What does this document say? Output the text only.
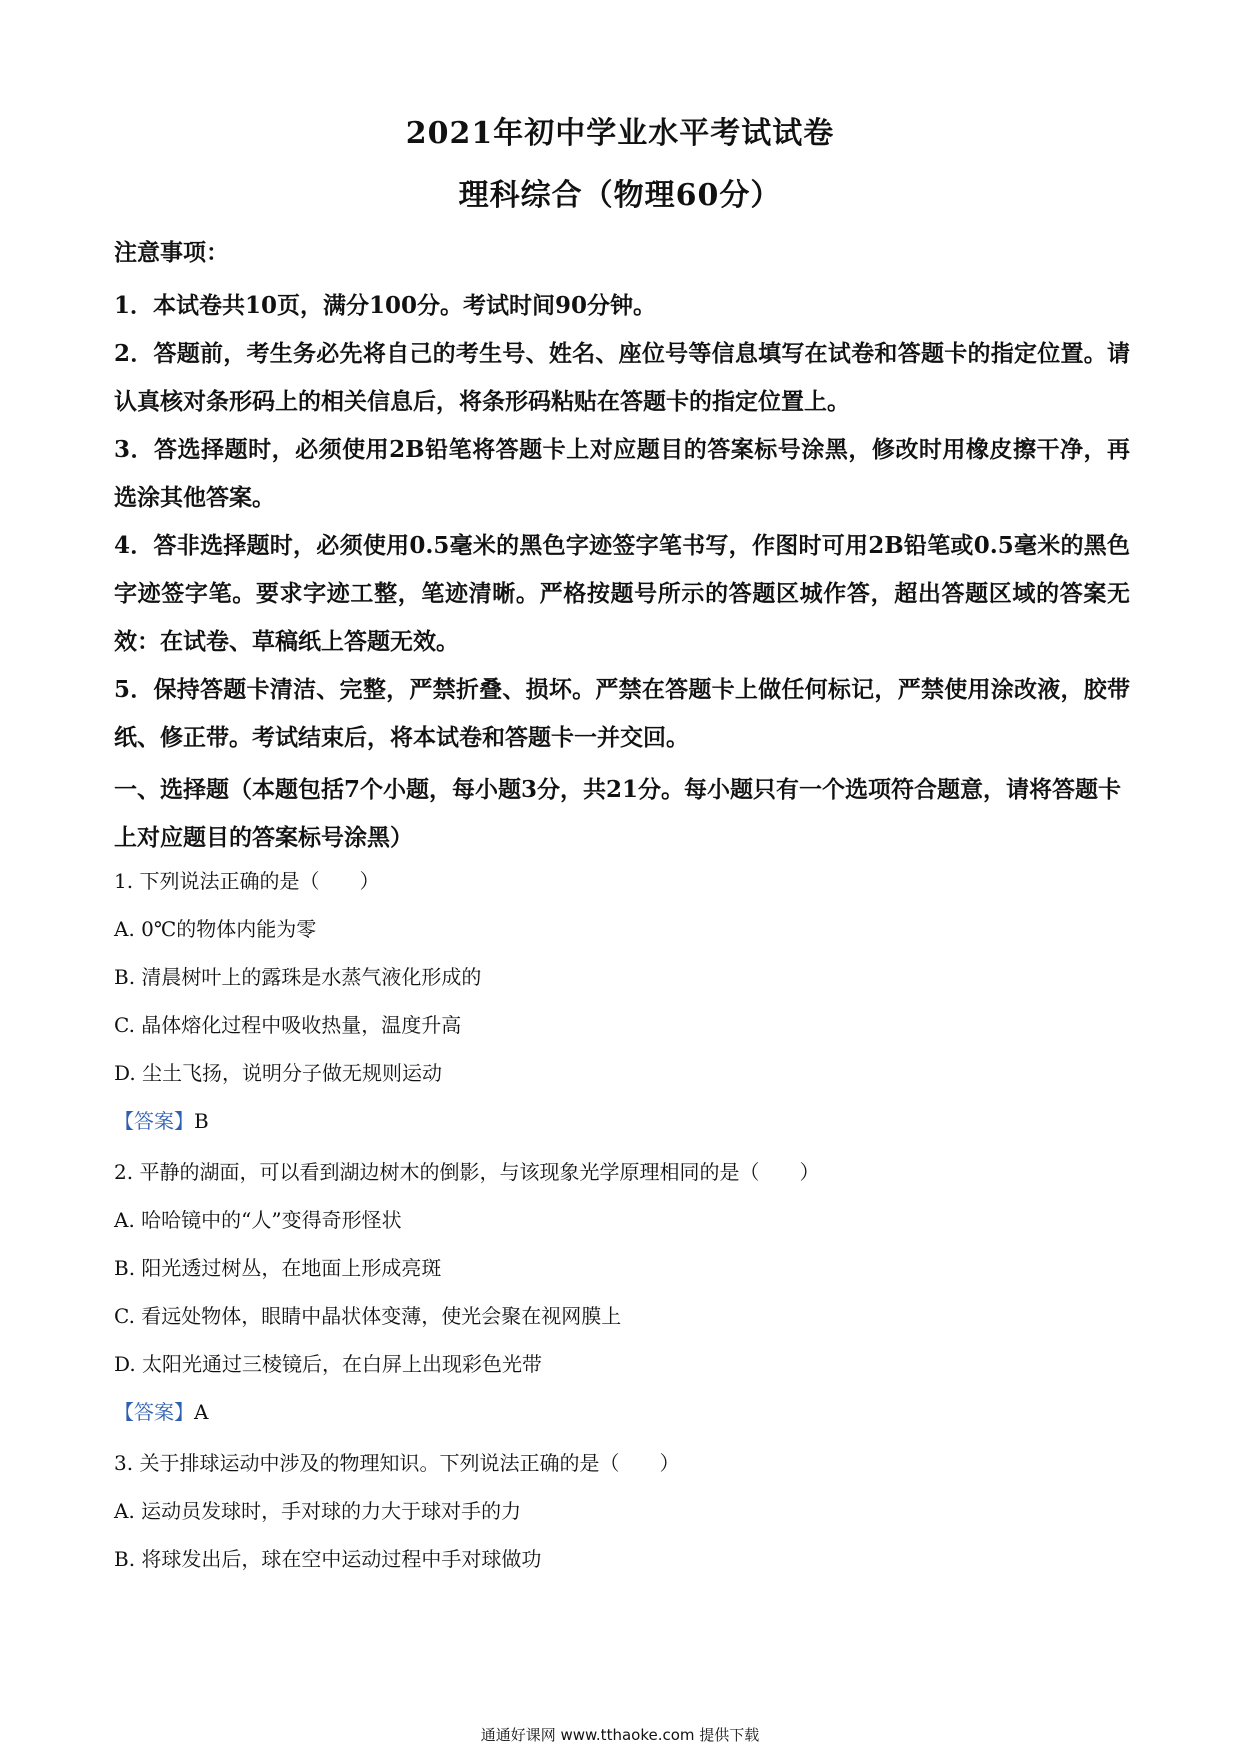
2021年初中学业水平考试试卷
理科综合（物理60分）
注意事项：
1．本试卷共10页，满分100分。考试时间90分钟。
2．答题前，考生务必先将自己的考生号、姓名、座位号等信息填写在试卷和答题卡的指定位置。请认真核对条形码上的相关信息后，将条形码粘贴在答题卡的指定位置上。
3．答选择题时，必须使用2B铅笔将答题卡上对应题目的答案标号涂黑，修改时用橡皮擦干净，再选涂其他答案。
4．答非选择题时，必须使用0.5毫米的黑色字迹签字笔书写，作图时可用2B铅笔或0.5毫米的黑色字迹签字笔。要求字迹工整，笔迹清晰。严格按题号所示的答题区城作答，超出答题区域的答案无效：在试卷、草稿纸上答题无效。
5．保持答题卡清洁、完整，严禁折叠、损坏。严禁在答题卡上做任何标记，严禁使用涂改液，胶带纸、修正带。考试结束后，将本试卷和答题卡一并交回。

一、选择题（本题包括7个小题，每小题3分，共21分。每小题只有一个选项符合题意，请将答题卡上对应题目的答案标号涂黑）

1. 下列说法正确的是（　　）
A. 0℃的物体内能为零
B. 清晨树叶上的露珠是水蒸气液化形成的
C. 晶体熔化过程中吸收热量，温度升高
D. 尘土飞扬，说明分子做无规则运动
【答案】B
2. 平静的湖面，可以看到湖边树木的倒影，与该现象光学原理相同的是（　　）
A. 哈哈镜中的“人”变得奇形怪状
B. 阳光透过树丛，在地面上形成亮斑
C. 看远处物体，眼睛中晶状体变薄，使光会聚在视网膜上
D. 太阳光通过三棱镜后，在白屏上出现彩色光带
【答案】A
3. 关于排球运动中涉及的物理知识。下列说法正确的是（　　）
A. 运动员发球时，手对球的力大于球对手的力
B. 将球发出后，球在空中运动过程中手对球做功
通通好课网 www.tthaoke.com 提供下载
